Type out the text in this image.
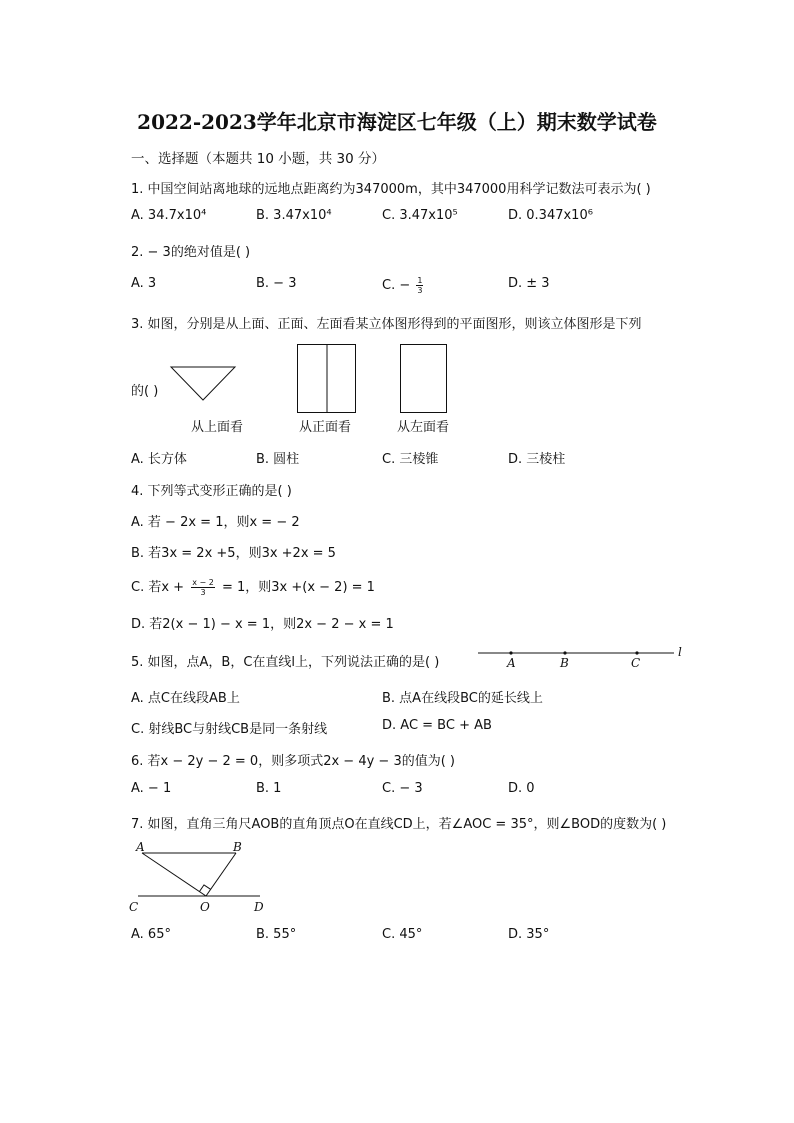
2022-2023学年北京市海淀区七年级（上）期末数学试卷
一、选择题（本题共 10 小题，共 30 分）
1. 中国空间站离地球的远地点距离约为347000m，其中347000用科学记数法可表示为( )
A. 34.7x10⁴	B. 3.47x10⁴	C. 3.47x10⁵	D. 0.347x10⁶
2. − 3的绝对值是( )
A. 3	B. − 3	C. − $\frac{1}{3}$	D. ± 3
3. 如图，分别是从上面、正面、左面看某立体图形得到的平面图形，则该立体图形是下列
的( )
从上面看	从正面看	从左面看
A. 长方体	B. 圆柱	C. 三棱锥	D. 三棱柱
4. 下列等式变形正确的是( )
A. 若 − 2x = 1，则x = − 2
B. 若3x = 2x +5，则3x +2x = 5
C. 若$x + \frac{x - 2}{3} = 1$，则3x +(x − 2) = 1
D. 若2(x − 1) − x = 1，则2x − 2 − x = 1
5. 如图，点A，B，C在直线l上，下列说法正确的是( )	A	B	C
l
A. 点C在线段AB上	B. 点A在线段BC的延长线上
C. 射线BC与射线CB是同一条射线	D. AC = BC + AB
6. 若x − 2y − 2 = 0，则多项式2x − 4y − 3的值为( )
A. − 1	B. 1	C. − 3	D. 0
7. 如图，直角三角尺AOB的直角顶点O在直线CD上，若∠AOC = 35°，则∠BOD的度数为( )
A	B
C	O	D
A. 65°	B. 55°	C. 45°	D. 35°
